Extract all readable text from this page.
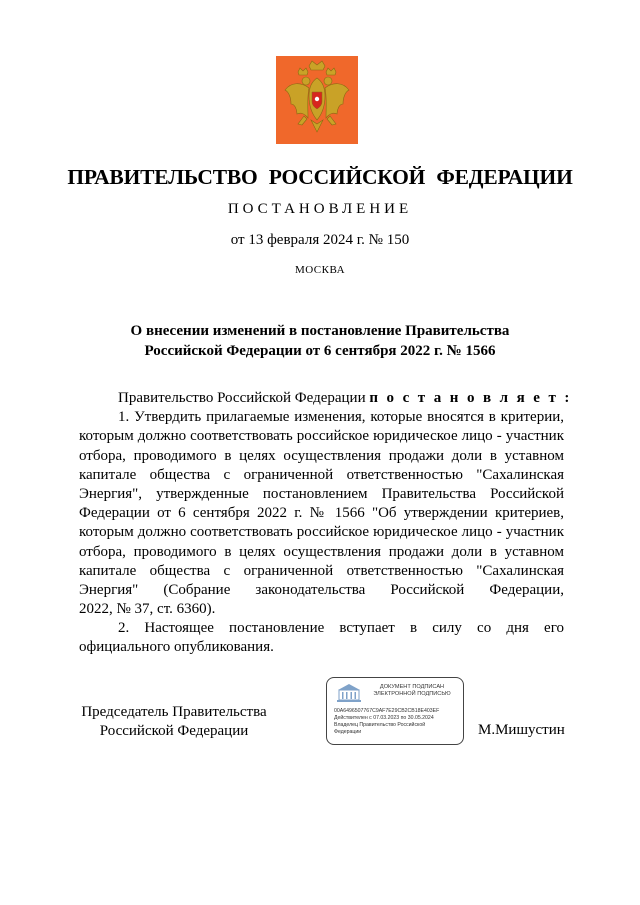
ПРАВИТЕЛЬСТВО РОССИЙСКОЙ ФЕДЕРАЦИИ
ПОСТАНОВЛЕНИЕ
от 13 февраля 2024 г. № 150
МОСКВА
О внесении изменений в постановление Правительства
Российской Федерации от 6 сентября 2022 г. № 1566
Правительство Российской Федерации п о с т а н о в л я е т :
1. Утвердить прилагаемые изменения, которые вносятся в критерии,
которым должно соответствовать российское юридическое лицо - участник
отбора, проводимого в целях осуществления продажи доли в уставном
капитале общества с ограниченной ответственностью "Сахалинская
Энергия", утвержденные постановлением Правительства Российской
Федерации от 6 сентября 2022 г. № 1566 "Об утверждении критериев,
которым должно соответствовать российское юридическое лицо - участник
отбора, проводимого в целях осуществления продажи доли в уставном
капитале общества с ограниченной ответственностью "Сахалинская
Энергия" (Собрание законодательства Российской Федерации,
2022, № 37, ст. 6360).
2. Настоящее постановление вступает в силу со дня его
официального опубликования.
Председатель Правительства
Российской Федерации	М.Мишустин
ДОКУМЕНТ ПОДПИСАН
ЭЛЕКТРОННОЙ ПОДПИСЬЮ
00A6496507767C9AF7E29CB2CB18E403EF
Действителен с 07.03.2023 по 30.05.2024
Владелец Правительство Российской
Федерации
